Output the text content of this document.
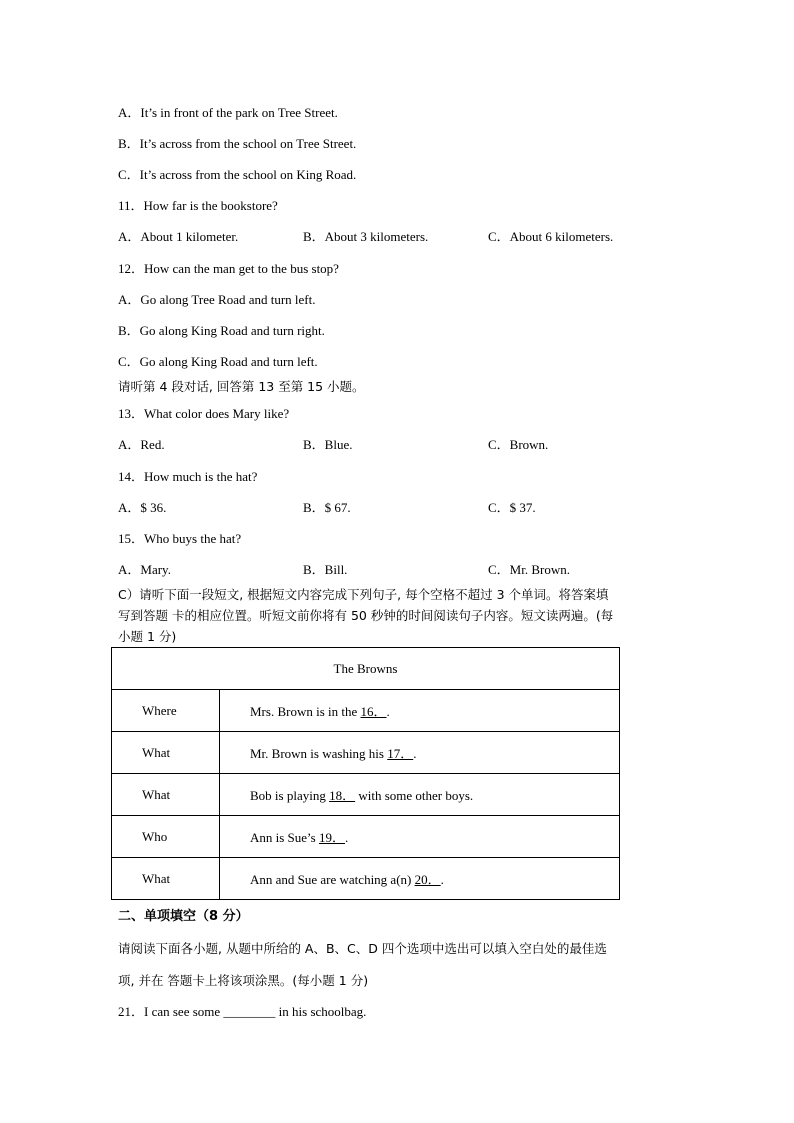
A．It’s in front of the park on Tree Street.
B．It’s across from the school on Tree Street.
C．It’s across from the school on King Road.
11．How far is the bookstore?
A．About 1 kilometer.	B．About 3 kilometers.	C．About 6 kilometers.
12．How can the man get to the bus stop?
A．Go along Tree Road and turn left.
B．Go along King Road and turn right.
C．Go along King Road and turn left.
请听第 4 段对话, 回答第 13 至第 15 小题。
13．What color does Mary like?
A．Red.	B．Blue.	C．Brown.
14．How much is the hat?
A．$ 36.	B．$ 67.	C．$ 37.
15．Who buys the hat?
A．Mary.	B．Bill.	C．Mr. Brown.
C）请听下面一段短文, 根据短文内容完成下列句子, 每个空格不超过 3 个单词。将答案填
写到答题 卡的相应位置。听短文前你将有 50 秒钟的时间阅读句子内容。短文读两遍。(每
小题 1 分)
The Browns	
Where	Mrs. Brown is in the 16．.
What	Mr. Brown is washing his 17．.
What	Bob is playing 18． with some other boys.
Who	Ann is Sue’s 19．.
What	Ann and Sue are watching a(n) 20．.
二、单项填空（8 分）
请阅读下面各小题, 从题中所给的 A、B、C、D 四个选项中选出可以填入空白处的最佳选
项, 并在 答题卡上将该项涂黑。(每小题 1 分)
21．I can see some ________ in his schoolbag.
